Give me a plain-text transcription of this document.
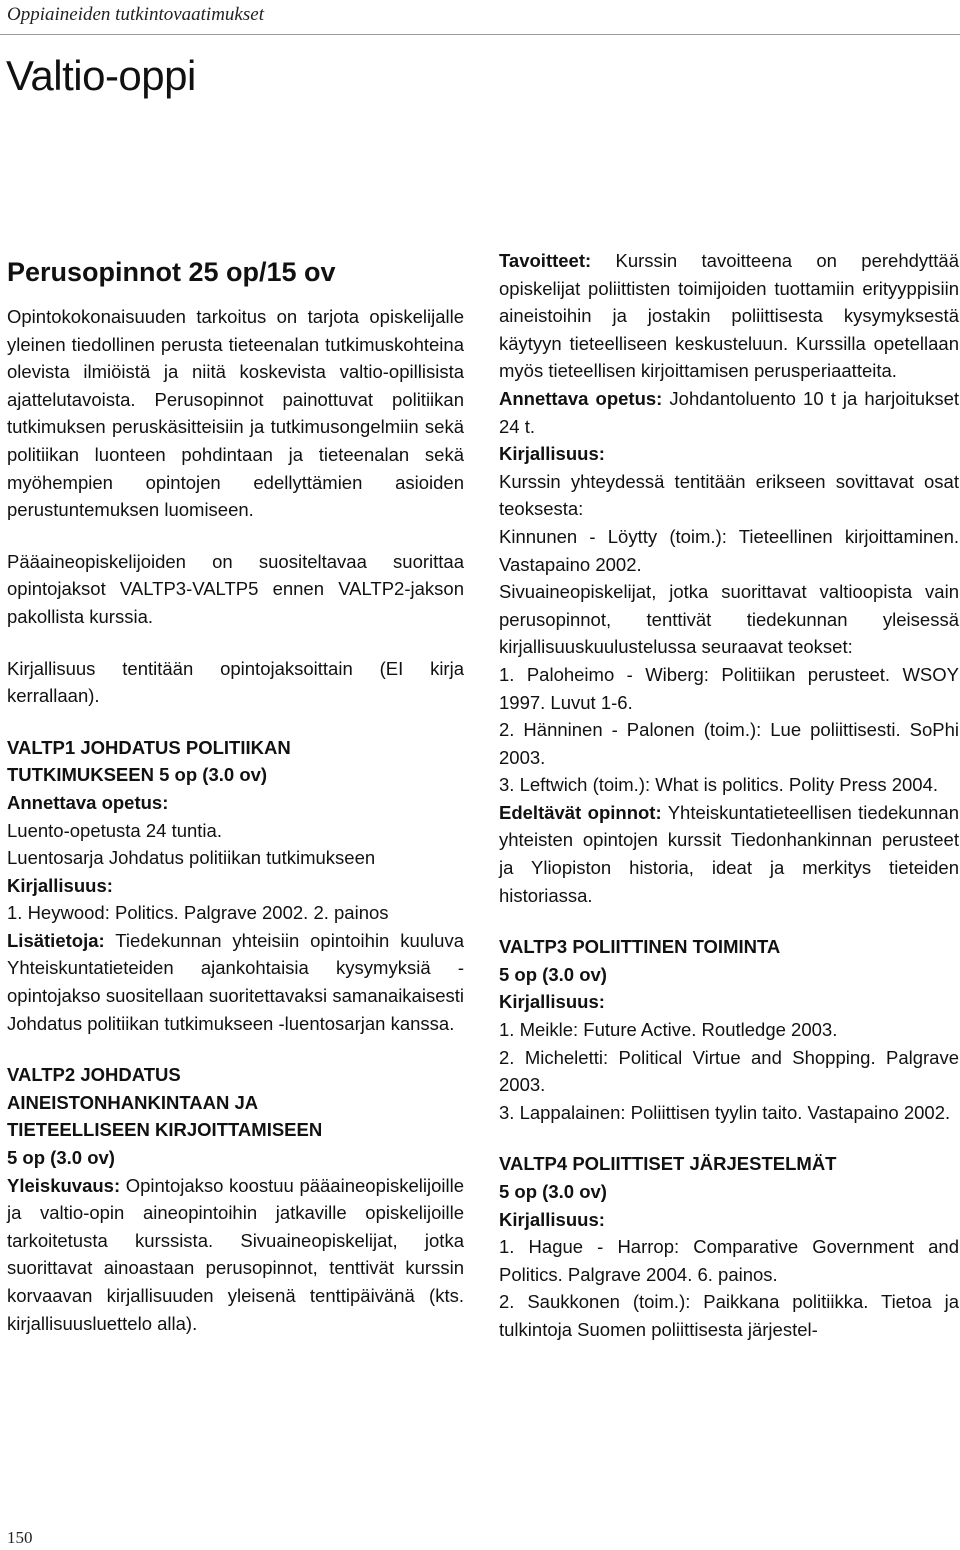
Oppiaineiden tutkintovaatimukset
Valtio-oppi
Perusopinnot 25 op/15 ov

Opintokokonaisuuden tarkoitus on tarjota opiskelijalle yleinen tiedollinen perusta tieteenalan tutkimuskohteina olevista ilmiöistä ja niitä koskevista valtio-opillisista ajattelutavoista. Perusopinnot painottuvat politiikan tutkimuksen peruskäsitteisiin ja tutkimusongelmiin sekä politiikan luonteen pohdintaan ja tieteenalan sekä myöhempien opintojen edellyttämien asioiden perustuntemuksen luomiseen.

Pääaineopiskelijoiden on suositeltavaa suorittaa opintojaksot VALTP3-VALTP5 ennen VALTP2-jakson pakollista kurssia.

Kirjallisuus tentitään opintojaksoittain (EI kirja kerrallaan).

VALTP1 JOHDATUS POLITIIKAN
TUTKIMUKSEEN 5 op (3.0 ov)
Annettava opetus:
Luento-opetusta 24 tuntia.
Luentosarja Johdatus politiikan tutkimukseen
Kirjallisuus:

1. Heywood: Politics. Palgrave 2002. 2. painos

Lisätietoja: Tiedekunnan yhteisiin opintoihin kuuluva Yhteiskuntatieteiden ajankohtaisia kysymyksiä -opintojakso suositellaan suoritettavaksi samanaikaisesti Johdatus politiikan tutkimukseen -luentosarjan kanssa.

VALTP2 JOHDATUS
AINEISTONHANKINTAAN JA
TIETEELLISEEN KIRJOITTAMISEEN
5 op (3.0 ov)

Yleiskuvaus: Opintojakso koostuu pääaineopiskelijoille ja valtio-opin aineopintoihin jatkaville opiskelijoille tarkoitetusta kurssista. Sivuaineopiskelijat, jotka suorittavat ainoastaan perusopinnot, tenttivät kurssin korvaavan kirjallisuuden yleisenä tenttipäivänä (kts. kirjallisuusluettelo alla).

Tavoitteet: Kurssin tavoitteena on perehdyttää opiskelijat poliittisten toimijoiden tuottamiin erityyppisiin aineistoihin ja jostakin poliittisesta kysymyksestä käytyyn tieteelliseen keskusteluun. Kurssilla opetellaan myös tieteellisen kirjoittamisen perusperiaatteita.

Annettava opetus: Johdantoluento 10 t ja harjoitukset 24 t.

Kirjallisuus:

Kurssin yhteydessä tentitään erikseen sovittavat osat teoksesta:

Kinnunen - Löytty (toim.): Tieteellinen kirjoittaminen. Vastapaino 2002.

Sivuaineopiskelijat, jotka suorittavat valtioopista vain perusopinnot, tenttivät tiedekunnan yleisessä kirjallisuuskuulustelussa seuraavat teokset:

1. Paloheimo - Wiberg: Politiikan perusteet. WSOY 1997. Luvut 1-6.

2. Hänninen - Palonen (toim.): Lue poliittisesti. SoPhi 2003.

3. Leftwich (toim.): What is politics. Polity Press 2004.

Edeltävät opinnot: Yhteiskuntatieteellisen tiedekunnan yhteisten opintojen kurssit Tiedonhankinnan perusteet ja Yliopiston historia, ideat ja merkitys tieteiden historiassa.

VALTP3 POLIITTINEN TOIMINTA
5 op (3.0 ov)
Kirjallisuus:

1. Meikle: Future Active. Routledge 2003.

2. Micheletti: Political Virtue and Shopping. Palgrave 2003.

3. Lappalainen: Poliittisen tyylin taito. Vastapaino 2002.

VALTP4 POLIITTISET JÄRJESTELMÄT
5 op (3.0 ov)
Kirjallisuus:

1. Hague - Harrop: Comparative Government and Politics. Palgrave 2004. 6. painos.

2. Saukkonen (toim.): Paikkana politiikka. Tietoa ja tulkintoja Suomen poliittisesta järjestel-

150
